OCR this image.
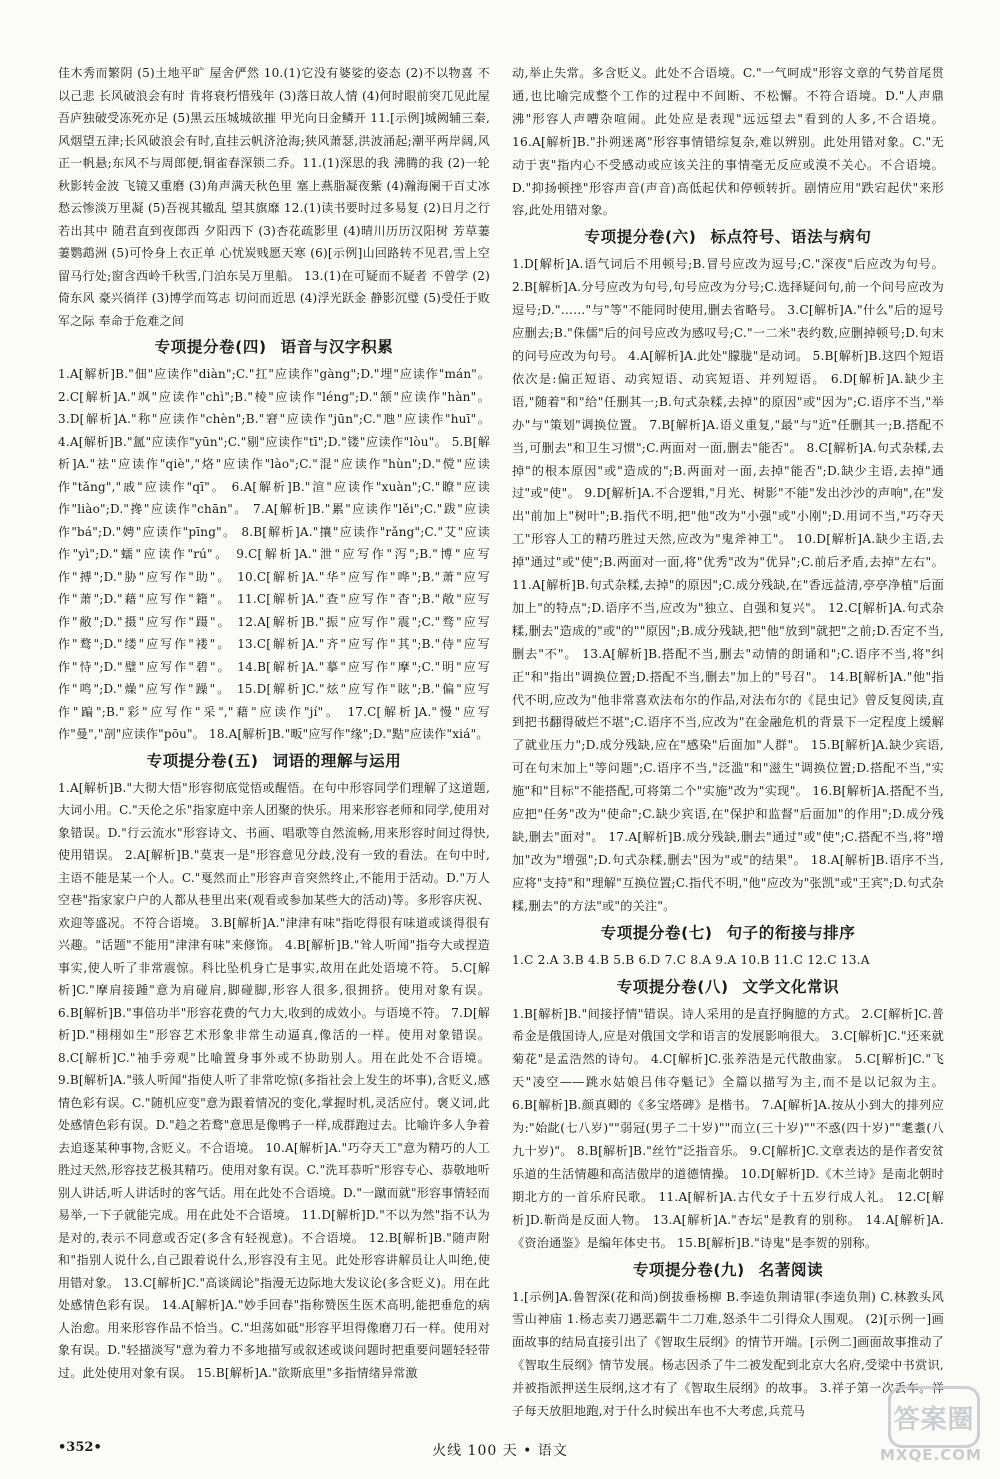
佳木秀而繁阴 (5)土地平旷 屋舍俨然 10.(1)它没有婆娑的姿态 (2)不以物喜 不以己悲 长风破浪会有时 肯将衰朽惜残年 (3)落日故人情 (4)何时眼前突兀见此屋 吾庐独破受冻死亦足 (5)黑云压城城欲摧 甲光向日金鳞开 11.[示例]城阙辅三秦,风烟望五津;长风破浪会有时,直挂云帆济沧海;狭风萧瑟,洪波涌起;潮平两岸阔,风正一帆悬;东风不与周郎便,铜雀春深锁二乔。11.(1)深思的我 沸腾的我 (2)一轮秋影转金波 飞镜又重磨 (3)角声满天秋色里 塞上燕脂凝夜紫 (4)瀚海阑干百丈冰 愁云惨淡万里凝 (5)吾视其辙乱 望其旗靡 12.(1)读书要时过多易复 (2)日月之行 若出其中 随君直到夜郎西 夕阳西下 (3)杏花疏影里 (4)晴川历历汉阳树 芳草萋萋鹦鹉洲 (5)可怜身上衣正单 心忧炭贱愿天寒 (6)[示例]山回路转不见君,雪上空留马行处;窗含西岭千秋雪,门泊东吴万里船。 13.(1)在可疑而不疑者 不曾学 (2)倚东风 豪兴徜徉 (3)博学而笃志 切问而近思 (4)浮光跃金 静影沉璧 (5)受任于败军之际 奉命于危难之间

专项提分卷(四) 语音与汉字积累

1.A[解析]B."佃"应读作"diàn";C."扛"应读作"gàng";D."埋"应读作"mán"。 2.C[解析]A."飒"应读作"chì";B."棱"应读作"léng";D."颔"应读作"hàn"。 3.D[解析]A."称"应读作"chèn";B."窘"应读作"jūn";C."虺"应读作"huī"。 4.A[解析]B."氲"应读作"yūn";C."剔"应读作"tī";D."镂"应读作"lòu"。 5.B[解析]A."祛"应读作"qiè","烙"应读作"lào";C."混"应读作"hùn";D."傥"应读作"tǎng","戚"应读作"qī"。 6.A[解析]B."渲"应读作"xuàn";C."瞭"应读作"liào";D."搀"应读作"chān"。 7.A[解析]B."累"应读作"lěi";C."跋"应读作"bá";D."娉"应读作"pīng"。 8.B[解析]A."攘"应读作"rǎng";C."艾"应读作"yì";D."蠕"应读作"rú"。 9.C[解析]A."泄"应写作"泻";B."博"应写作"搏";D."胁"应写作"助"。 10.C[解析]A."华"应写作"哗";B."萧"应写作"萧";D."藉"应写作"籍"。 11.C[解析]A."查"应写作"杳";B."敞"应写作"敝";D."摄"应写作"蹑"。 12.A[解析]B."振"应写作"震";C."骛"应写作"鹜";D."缕"应写作"褛"。 13.C[解析]A."齐"应写作"其";B."侍"应写作"恃";D."璧"应写作"碧"。 14.B[解析]A."摹"应写作"摩";C."明"应写作"鸣";D."燥"应写作"躁"。 15.D[解析]C."炫"应写作"眩";B."偏"应写作"蹁";B."彩"应写作"采","藉"应读作"jí"。 17.C[解析]A."慢"应写作"曼","剖"应读作"pōu"。 18.A[解析]B."畈"应写作"缘";D."黠"应读作"xiá"。

专项提分卷(五) 词语的理解与运用

1.A[解析]B."大彻大悟"形容彻底觉悟或醒悟。在句中形容同学们理解了这道题,大词小用。C."天伦之乐"指家庭中亲人团聚的快乐。用来形容老师和同学,使用对象错误。D."行云流水"形容诗文、书画、唱歌等自然流畅,用来形容时间过得快,使用错误。 2.A[解析]B."莫衷一是"形容意见分歧,没有一致的看法。在句中时,主语不能是某一个人。C."戛然而止"形容声音突然终止,不能用于活动。D."万人空巷"指家家户户的人都从巷里出来(观看或参加某些大的活动)等。多形容庆祝、欢迎等盛况。不符合语境。 3.B[解析]A."津津有味"指吃得很有味道或谈得很有兴趣。"话题"不能用"津津有味"来修饰。 4.B[解析]B."耸人听闻"指夸大或捏造事实,使人听了非常震惊。科比坠机身亡是事实,故用在此处语境不符。 5.C[解析]C."摩肩接踵"意为肩碰肩,脚碰脚,形容人很多,很拥挤。使用对象有误。 6.B[解析]B."事倍功半"形容花费的气力大,收到的成效小。与语境不符。 7.D[解析]D."栩栩如生"形容艺术形象非常生动逼真,像活的一样。使用对象错误。 8.C[解析]C."袖手旁观"比喻置身事外或不协助别人。用在此处不合语境。 9.B[解析]A."骇人听闻"指使人听了非常吃惊(多指社会上发生的坏事),含贬义,感情色彩有误。C."随机应变"意为跟着情况的变化,掌握时机,灵活应付。褒义词,此处感情色彩有误。D."趋之若鹜"意思是像鸭子一样,成群跑过去。比喻许多人争着去追逐某种事物,含贬义。不合语境。 10.A[解析]A."巧夺天工"意为精巧的人工胜过天然,形容技艺极其精巧。使用对象有误。C."洗耳恭听"形容专心、恭敬地听别人讲话,听人讲话时的客气话。用在此处不合语境。D."一蹴而就"形容事情轻而易举,一下子就能完成。用在此处不合语境。 11.D[解析]D."不以为然"指不认为是对的,表示不同意或否定(多含有轻视意)。不合语境。 12.B[解析]B."随声附和"指别人说什么,自己跟着说什么,形容没有主见。此处形容讲解员让人叫绝,使用错对象。 13.C[解析]C."高谈阔论"指漫无边际地大发议论(多含贬义)。用在此处感情色彩有误。 14.A[解析]A."妙手回春"指称赞医生医术高明,能把垂危的病人治愈。用来形容作品不恰当。C."坦荡如砥"形容平坦得像磨刀石一样。使用对象有误。D."轻描淡写"意为着力不多地描写或叙述或谈问题时把重要问题轻轻带过。此处使用对象有误。 15.B[解析]A."欲斯底里"多指情绪异常激

动,举止失常。多含贬义。此处不合语境。C."一气呵成"形容文章的气势首尾贯通,也比喻完成整个工作的过程中不间断、不松懈。不符合语境。D."人声鼎沸"形容人声嘈杂喧闹。此处应是表现"远远望去"看到的人多,不合语境。 16.A[解析]B."扑朔迷离"形容事情错综复杂,难以辨别。此处用错对象。C."无动于衷"指内心不受感动或应该关注的事情毫无反应或漠不关心。不合语境。D."抑扬顿挫"形容声音(声音)高低起伏和停顿转折。剧情应用"跌宕起伏"来形容,此处用错对象。

专项提分卷(六) 标点符号、语法与病句

1.D[解析]A.语气词后不用顿号;B.冒号应改为逗号;C."深夜"后应改为句号。 2.B[解析]A.分号应改为句号,句号应改为分号;C.选择疑问句,前一个问号应改为逗号;D."……"与"等"不能同时使用,删去省略号。 3.C[解析]A."什么"后的逗号应删去;B."侏儒"后的问号应改为感叹号;C."一二米"表约数,应删掉顿号;D.句末的问号应改为句号。 4.A[解析]A.此处"朦胧"是动词。 5.B[解析]B.这四个短语依次是:偏正短语、动宾短语、动宾短语、并列短语。 6.D[解析]A.缺少主语,"随着"和"给"任删其一;B.句式杂糅,去掉"的原因"或"因为";C.语序不当,"举办"与"策划"调换位置。 7.B[解析]A.语义重复,"最"与"近"任删其一;B.搭配不当,可删去"和卫生习惯";C.两面对一面,删去"能否"。 8.C[解析]A.句式杂糅,去掉"的根本原因"或"造成的";B.两面对一面,去掉"能否";D.缺少主语,去掉"通过"或"使"。 9.D[解析]A.不合逻辑,"月光、树影"不能"发出沙沙的声响",在"发出"前加上"树叶";B.指代不明,把"他"改为"小强"或"小刚";D.用词不当,"巧夺天工"形容人工的精巧胜过天然,应改为"鬼斧神工"。 10.D[解析]A.缺少主语,去掉"通过"或"使";B.两面对一面,将"优秀"改为"优异";C.前后矛盾,去掉"左右"。 11.A[解析]B.句式杂糅,去掉"的原因";C.成分残缺,在"香远益清,亭亭净植"后面加上"的特点";D.语序不当,应改为"独立、自强和复兴"。 12.C[解析]A.句式杂糅,删去"造成的"或"的""原因";B.成分残缺,把"他"放到"就把"之前;D.否定不当,删去"不"。 13.A[解析]B.搭配不当,删去"动情的朗诵和";C.语序不当,将"纠正"和"指出"调换位置;D.搭配不当,删去"加上的"号召"。 14.B[解析]A."他"指代不明,应改为"他非常喜欢法布尔的作品,对法布尔的《昆虫记》曾反复阅读,直到把书翻得破烂不堪";C.语序不当,应改为"在金融危机的背景下一定程度上缓解了就业压力";D.成分残缺,应在"感染"后面加"人群"。 15.B[解析]A.缺少宾语,可在句末加上"等问题";C.语序不当,"泛滥"和"滋生"调换位置;D.搭配不当,"实施"和"目标"不能搭配,可将第二个"实施"改为"实现"。 16.B[解析]A.搭配不当,应把"任务"改为"使命";C.缺少宾语,在"保护和监督"后面加"的作用";D.成分残缺,删去"面对"。 17.A[解析]B.成分残缺,删去"通过"或"使";C.搭配不当,将"增加"改为"增强";D.句式杂糅,删去"因为"或"的结果"。 18.A[解析]B.语序不当,应将"支持"和"理解"互换位置;C.指代不明,"他"应改为"张凯"或"王宾";D.句式杂糅,删去"的方法"或"的关注"。

专项提分卷(七) 句子的衔接与排序

1.C 2.A 3.B 4.B 5.B 6.D 7.C 8.A 9.A 10.B 11.C 12.C 13.A

专项提分卷(八) 文学文化常识

1.B[解析]B."间接抒情"错误。诗人采用的是直抒胸臆的方式。 2.C[解析]C.普希金是俄国诗人,应是对俄国文学和语言的发展影响很大。 3.C[解析]C."还来就菊花"是孟浩然的诗句。 4.C[解析]C.张养浩是元代散曲家。 5.C[解析]C."飞天"凌空——跳水姑娘吕伟夺魁记》全篇以描写为主,而不是以记叙为主。 6.B[解析]B.颜真卿的《多宝塔碑》是楷书。 7.A[解析]A.按从小到大的排列应为:"始龀(七八岁)""弱冠(男子二十岁)""而立(三十岁)""不惑(四十岁)""耄耋(八九十岁)"。 8.B[解析]B."丝竹"泛指音乐。 9.C[解析]C.文章表达的是作者安贫乐道的生活情趣和高洁傲岸的道德情操。 10.D[解析]D.《木兰诗》是南北朝时期北方的一首乐府民歌。 11.A[解析]A.古代女子十五岁行成人礼。 12.C[解析]D.靳尚是反面人物。 13.A[解析]A."杏坛"是教育的别称。 14.A[解析]A.《资治通鉴》是编年体史书。 15.B[解析]B."诗鬼"是李贺的别称。

专项提分卷(九) 名著阅读

1.[示例]A.鲁智深(花和尚)倒拔垂杨柳 B.李逵负荆请罪(李逵负荆) C.林教头风雪山神庙 1.杨志卖刀遇恶霸牛二刀难,怒杀牛二引得众人围观。 (2)[示例一]画面故事的结局直接引出了《智取生辰纲》的情节开端。[示例二]画面故事推动了《智取生辰纲》情节发展。杨志因杀了牛二被发配到北京大名府,受梁中书赏识,并被指派押送生辰纲,这才有了《智取生辰纲》的故事。 3.祥子第一次丢车。祥子每天放胆地跑,对于什么时候出车也不大考虑,兵荒马

•352•	火线 100 天 • 语文
答案圈
MXQE.COM
